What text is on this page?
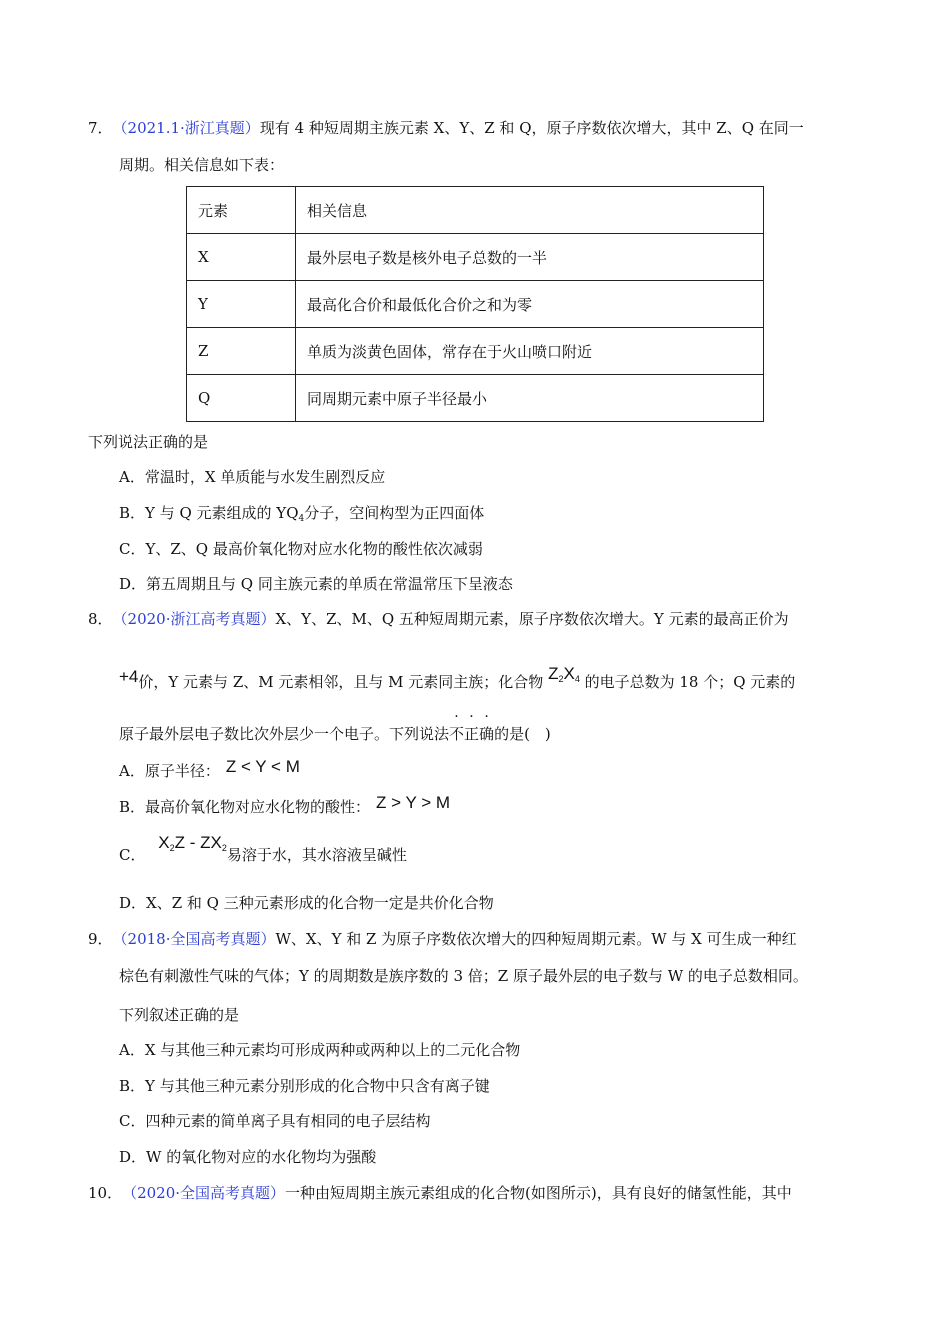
7．（2021.1·浙江真题）现有 4 种短周期主族元素 X、Y、Z 和 Q，原子序数依次增大，其中 Z、Q 在同一
周期。相关信息如下表：
元素	相关信息
X	最外层电子数是核外电子总数的一半
Y	最高化合价和最低化合价之和为零
Z	单质为淡黄色固体，常存在于火山喷口附近
Q	同周期元素中原子半径最小
下列说法正确的是
A．常温时，X 单质能与水发生剧烈反应
B．Y 与 Q 元素组成的 $YQ_4$分子，空间构型为正四面体
C．Y、Z、Q 最高价氧化物对应水化物的酸性依次减弱
D．第五周期且与 Q 同主族元素的单质在常温常压下呈液态
8．（2020·浙江高考真题）X、Y、Z、M、Q 五种短周期元素，原子序数依次增大。Y 元素的最高正价为
+4价，Y 元素与 Z、M 元素相邻，且与 M 元素同主族；化合物 Z2X4 的电子总数为 18 个；Q 元素的
原子最外层电子数比次外层少一个电子。下列说法不正确的是(　)
A．原子半径： Z < Y < M
B．最高价氧化物对应水化物的酸性： Z > Y > M
C． X2Z - ZX2易溶于水，其水溶液呈碱性
D．X、Z 和 Q 三种元素形成的化合物一定是共价化合物
9．（2018·全国高考真题）W、X、Y 和 Z 为原子序数依次增大的四种短周期元素。W 与 X 可生成一种红
棕色有刺激性气味的气体；Y 的周期数是族序数的 3 倍；Z 原子最外层的电子数与 W 的电子总数相同。
下列叙述正确的是
A．X 与其他三种元素均可形成两种或两种以上的二元化合物
B．Y 与其他三种元素分别形成的化合物中只含有离子键
C．四种元素的简单离子具有相同的电子层结构
D．W 的氧化物对应的水化物均为强酸
10．（2020·全国高考真题）一种由短周期主族元素组成的化合物(如图所示)，具有良好的储氢性能，其中
